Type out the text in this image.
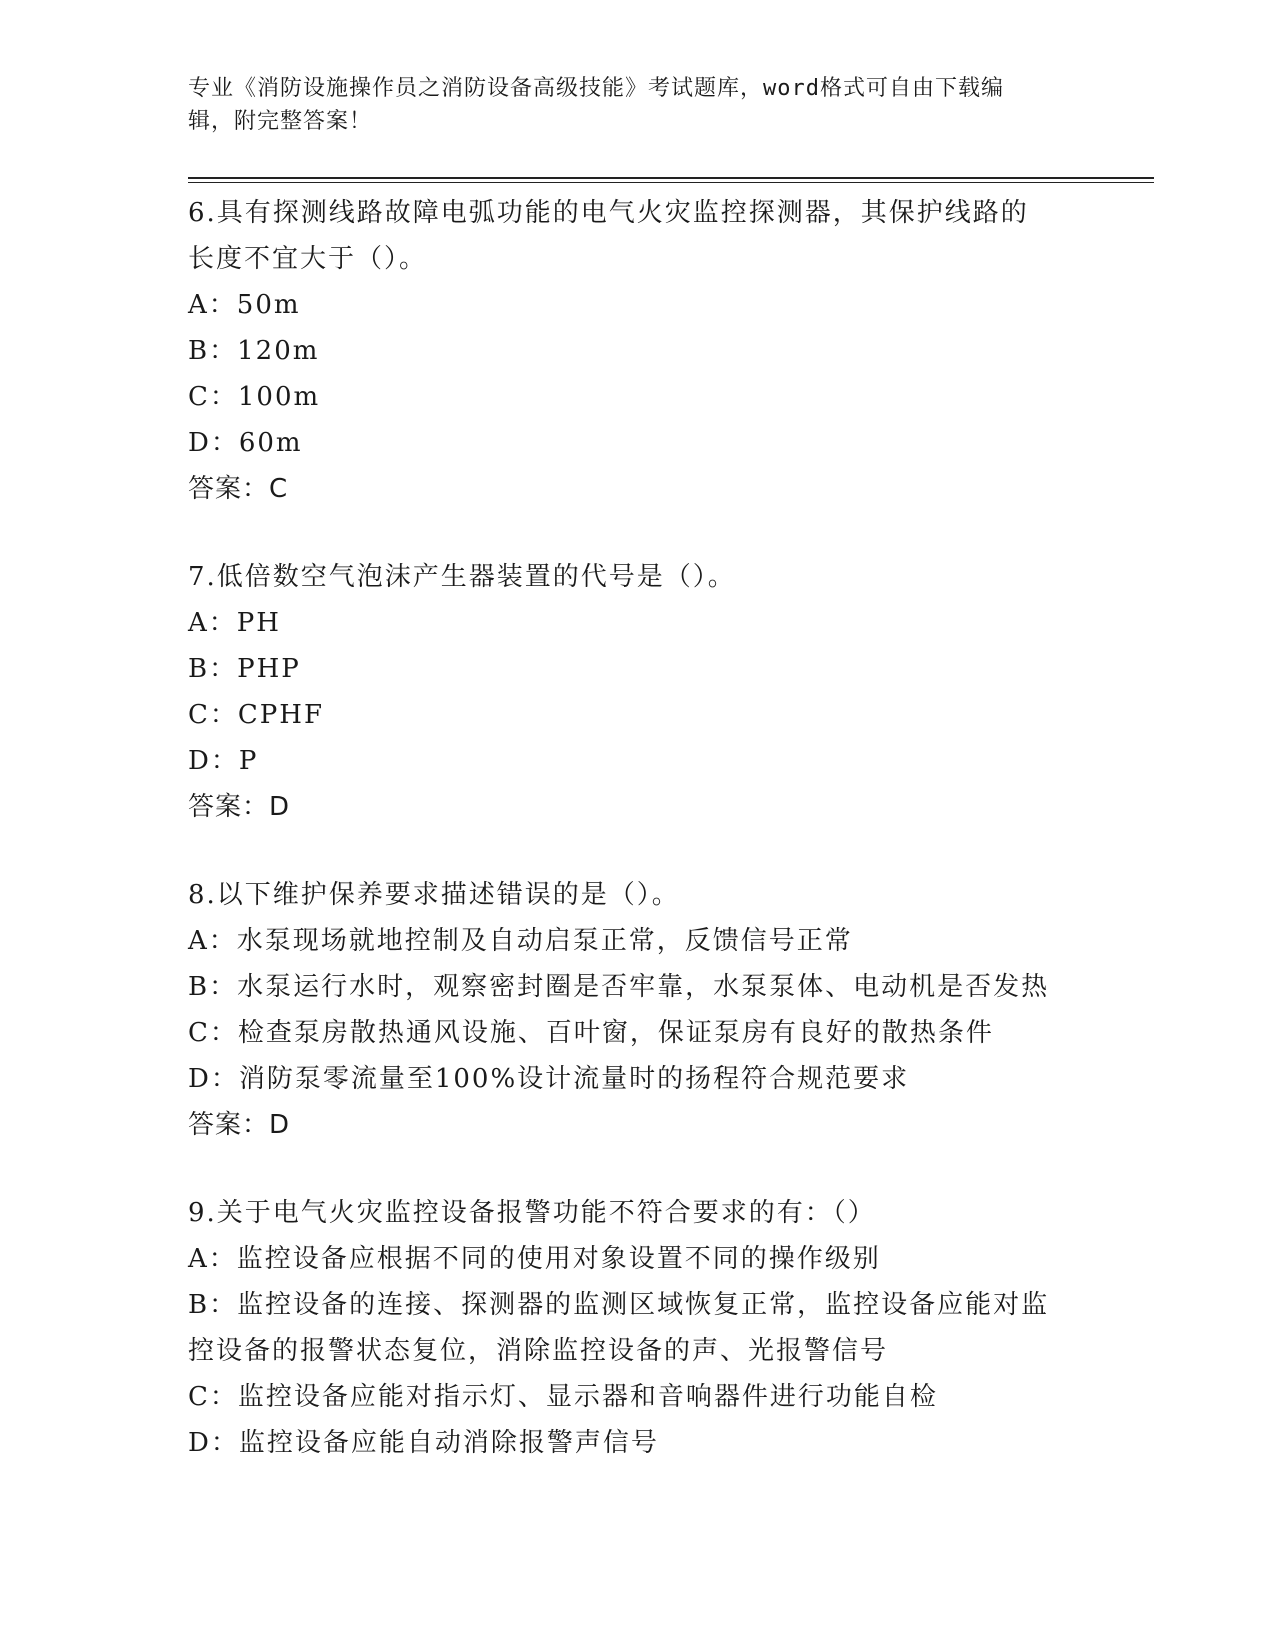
专业《消防设施操作员之消防设备高级技能》考试题库，word格式可自由下载编
辑，附完整答案！

6.具有探测线路故障电弧功能的电气火灾监控探测器，其保护线路的

长度不宜大于（）。

A：50m

B：120m

C：100m

D：60m

答案：C

7.低倍数空气泡沫产生器装置的代号是（）。

A：PH

B：PHP

C：CPHF

D：P

答案：D

8.以下维护保养要求描述错误的是（）。

A：水泵现场就地控制及自动启泵正常，反馈信号正常

B：水泵运行水时，观察密封圈是否牢靠，水泵泵体、电动机是否发热

C：检查泵房散热通风设施、百叶窗，保证泵房有良好的散热条件

D：消防泵零流量至100%设计流量时的扬程符合规范要求

答案：D

9.关于电气火灾监控设备报警功能不符合要求的有：（）

A：监控设备应根据不同的使用对象设置不同的操作级别

B：监控设备的连接、探测器的监测区域恢复正常，监控设备应能对监

控设备的报警状态复位，消除监控设备的声、光报警信号

C：监控设备应能对指示灯、显示器和音响器件进行功能自检

D：监控设备应能自动消除报警声信号
